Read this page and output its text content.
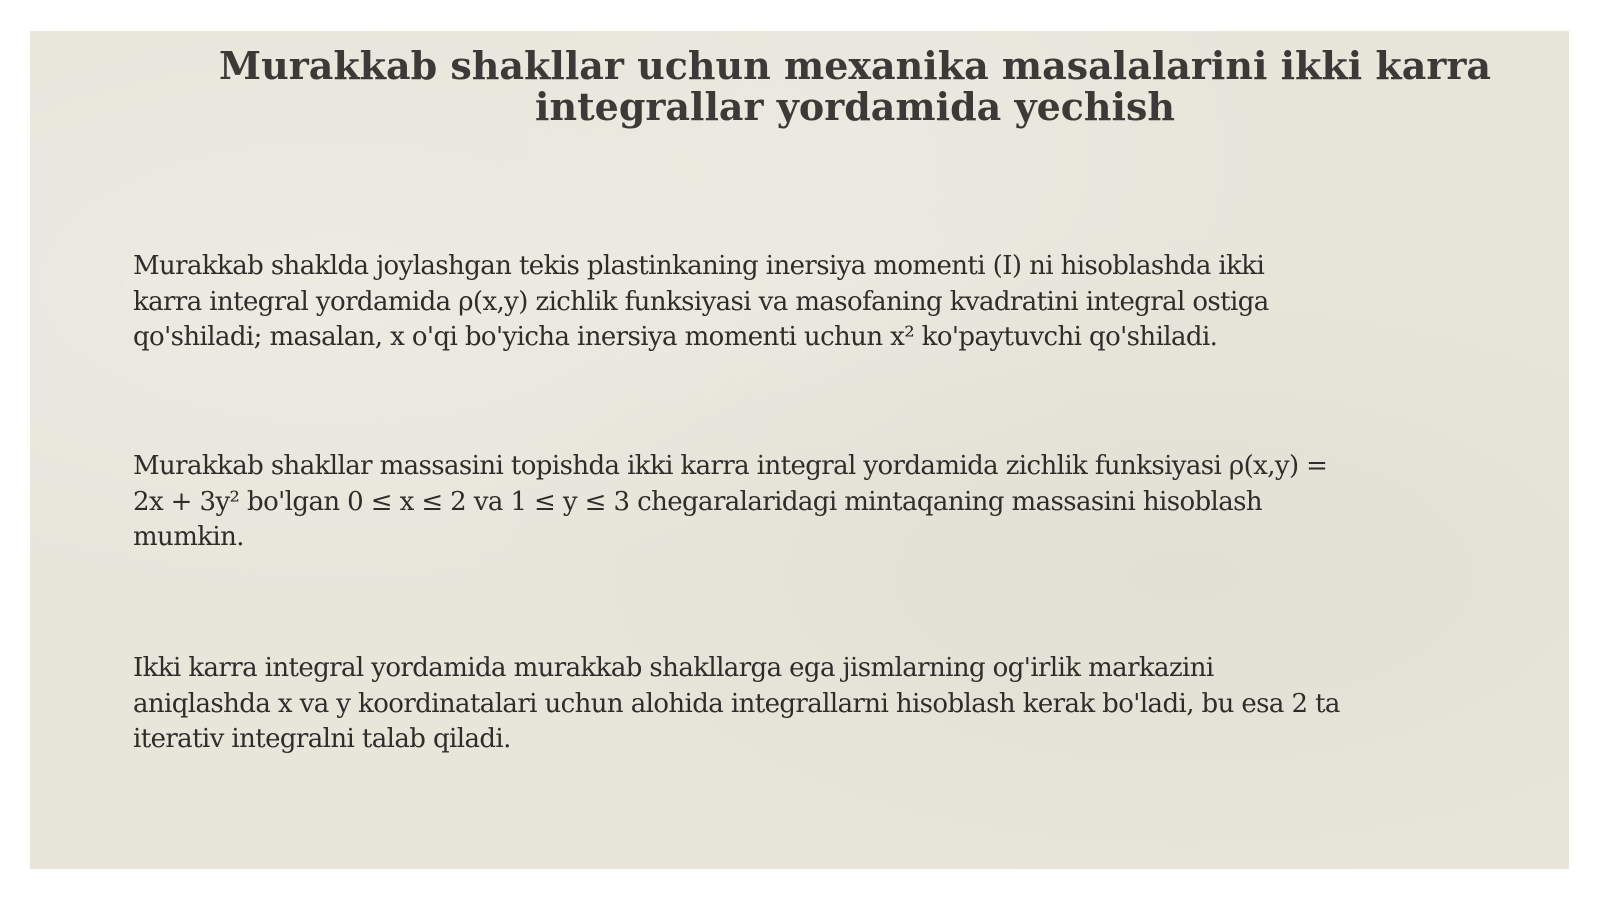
Murakkab shakllar uchun mexanika masalalarini ikki karra
integrallar yordamida yechish

Murakkab shaklda joylashgan tekis plastinkaning inersiya momenti (I) ni hisoblashda ikki
karra integral yordamida ρ(x,y) zichlik funksiyasi va masofaning kvadratini integral ostiga
qo'shiladi; masalan, x o'qi bo'yicha inersiya momenti uchun x² ko'paytuvchi qo'shiladi.

Murakkab shakllar massasini topishda ikki karra integral yordamida zichlik funksiyasi ρ(x,y) =
2x + 3y² bo'lgan 0 ≤ x ≤ 2 va 1 ≤ y ≤ 3 chegaralaridagi mintaqaning massasini hisoblash
mumkin.

Ikki karra integral yordamida murakkab shakllarga ega jismlarning og'irlik markazini
aniqlashda x va y koordinatalari uchun alohida integrallarni hisoblash kerak bo'ladi, bu esa 2 ta
iterativ integralni talab qiladi.
